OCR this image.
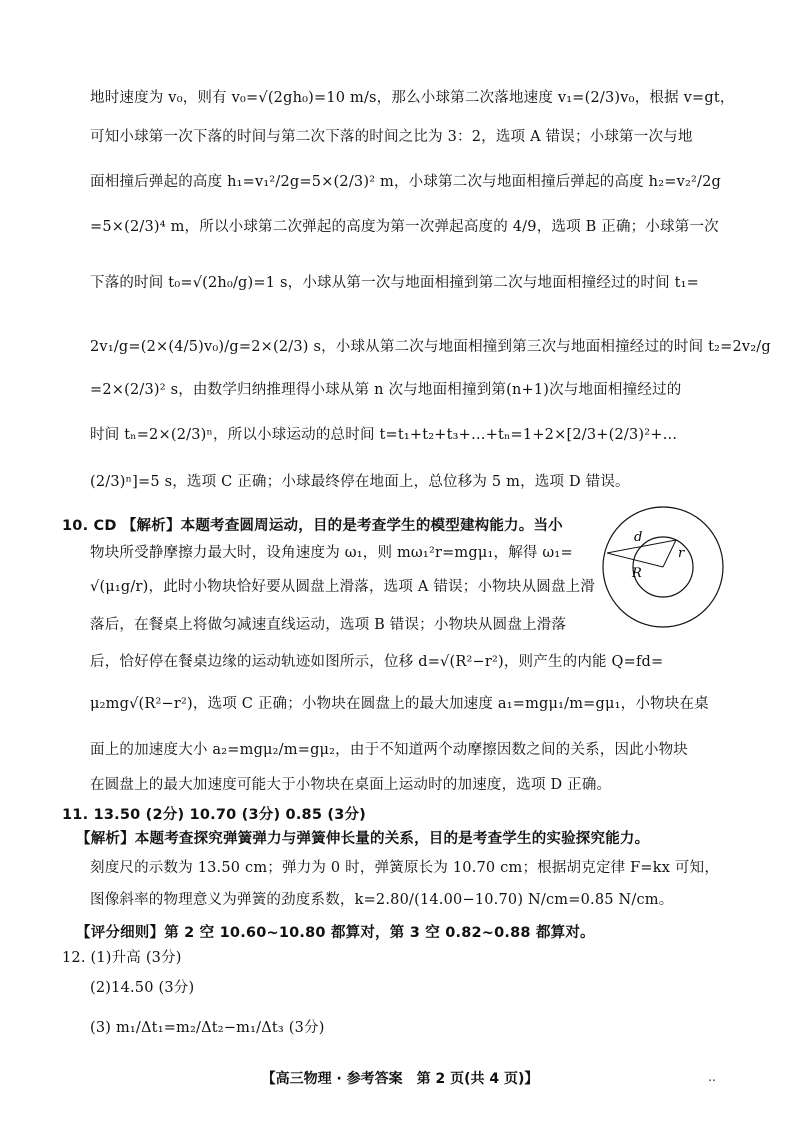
地时速度为 v₀，则有 v₀=√(2gh₀)=10 m/s，那么小球第二次落地速度 v₁=(2/3)v₀，根据 v=gt，
可知小球第一次下落的时间与第二次下落的时间之比为 3：2，选项 A 错误；小球第一次与地
面相撞后弹起的高度 h₁=v₁²/2g=5×(2/3)² m，小球第二次与地面相撞后弹起的高度 h₂=v₂²/2g
=5×(2/3)⁴ m，所以小球第二次弹起的高度为第一次弹起高度的 4/9，选项 B 正确；小球第一次
下落的时间 t₀=√(2h₀/g)=1 s，小球从第一次与地面相撞到第二次与地面相撞经过的时间 t₁=
2v₁/g=(2×(4/5)v₀)/g=2×(2/3) s，小球从第二次与地面相撞到第三次与地面相撞经过的时间 t₂=2v₂/g
=2×(2/3)² s，由数学归纳推理得小球从第 n 次与地面相撞到第(n+1)次与地面相撞经过的
时间 tₙ=2×(2/3)ⁿ，所以小球运动的总时间 t=t₁+t₂+t₃+…+tₙ=1+2×[2/3+(2/3)²+…
(2/3)ⁿ]=5 s，选项 C 正确；小球最终停在地面上，总位移为 5 m，选项 D 错误。
10. CD 【解析】本题考查圆周运动，目的是考查学生的模型建构能力。当小
物块所受静摩擦力最大时，设角速度为 ω₁，则 mω₁²r=mgμ₁，解得 ω₁=
√(μ₁g/r)，此时小物块恰好要从圆盘上滑落，选项 A 错误；小物块从圆盘上滑
落后，在餐桌上将做匀减速直线运动，选项 B 错误；小物块从圆盘上滑落
后，恰好停在餐桌边缘的运动轨迹如图所示，位移 d=√(R²−r²)，则产生的内能 Q=fd=
μ₂mg√(R²−r²)，选项 C 正确；小物块在圆盘上的最大加速度 a₁=mgμ₁/m=gμ₁，小物块在桌
面上的加速度大小 a₂=mgμ₂/m=gμ₂，由于不知道两个动摩擦因数之间的关系，因此小物块
在圆盘上的最大加速度可能大于小物块在桌面上运动时的加速度，选项 D 正确。
11. 13.50 (2分) 10.70 (3分) 0.85 (3分)
【解析】本题考查探究弹簧弹力与弹簧伸长量的关系，目的是考查学生的实验探究能力。
刻度尺的示数为 13.50 cm；弹力为 0 时，弹簧原长为 10.70 cm；根据胡克定律 F=kx 可知，
图像斜率的物理意义为弹簧的劲度系数，k=2.80/(14.00−10.70) N/cm=0.85 N/cm。
【评分细则】第 2 空 10.60~10.80 都算对，第 3 空 0.82~0.88 都算对。
12. (1)升高 (3分)
(2)14.50 (3分)
(3) m₁/Δt₁=m₂/Δt₂−m₁/Δt₃ (3分)
d
r
R
【高三物理 · 参考答案　第 2 页(共 4 页)】	‥
